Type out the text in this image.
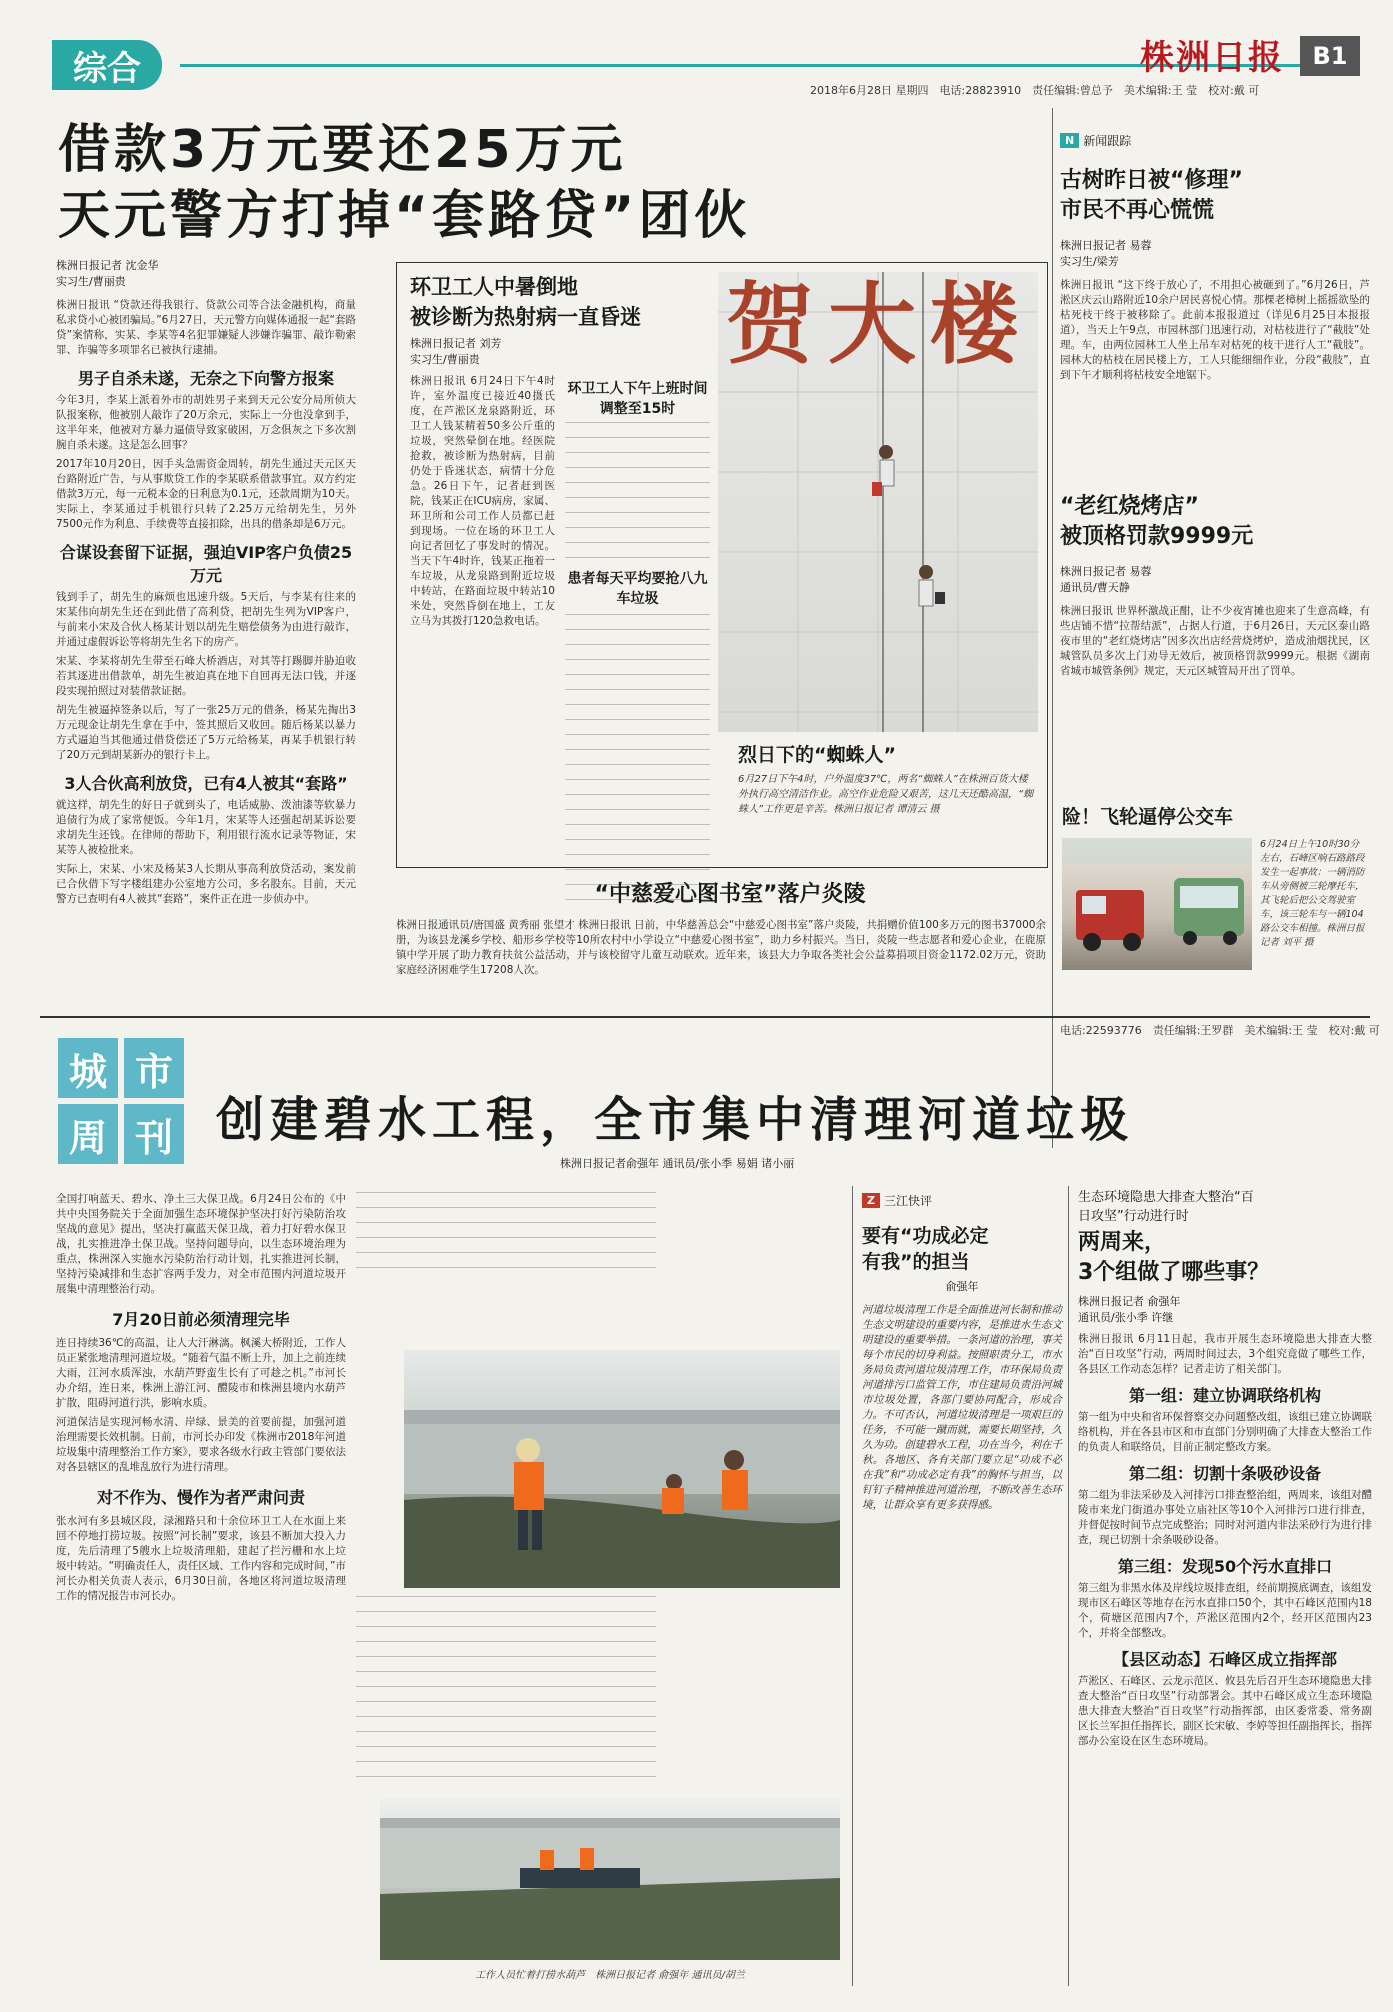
综合	株洲日报	B1
2018年6月28日 星期四　电话:28823910　责任编辑:曾总予　美术编辑:王 莹　校对:戴 可
借款3万元要还25万元
天元警方打掉“套路贷”团伙
株洲日报记者 沈金华
实习生/曹丽贵
株洲日报讯 “贷款还得我银行、贷款公司等合法金融机构，商量私求贷小心被团骗局。”6月27日，天元警方向媒体通报一起“套路贷”案情称，实某、李某等4名犯罪嫌疑人涉嫌诈骗罪、敲诈勒索罪、诈骗等多项罪名已被执行逮捕。
男子自杀未遂，无奈之下向警方报案
今年3月，李某上派着外市的胡姓男子来到天元公安分局所侦大队报案称，他被别人敲诈了20万余元，实际上一分也没拿到手，这半年来，他被对方暴力逼债导致家破困，万念俱灰之下多次割腕自杀未遂。这是怎么回事？
2017年10月20日，因手头急需资金周转，胡先生通过天元区天台路附近广告，与从事欺贷工作的李某联系借款事宜。双方约定借款3万元，每一元税本金的日利息为0.1元，还款周期为10天。实际上，李某通过手机银行只转了2.25万元给胡先生，另外7500元作为利息、手续费等直接扣除，出具的借条却是6万元。
合谋设套留下证据，强迫VIP客户负债25万元
钱到手了，胡先生的麻烦也迅速升级。5天后，与李某有往来的宋某伟向胡先生还在到此借了高利贷，把胡先生列为VIP客户，与前来小宋及合伙人杨某计划以胡先生赔偿债务为由进行敲诈，并通过虚假诉讼等将胡先生名下的房产。
宋某、李某将胡先生带至石峰大桥酒店，对其等打踢脚并胁迫收若其逐进出借款单，胡先生被迫真在地下自回再无法口钱，并逐段实现拍照过对装借款证据。
胡先生被逼掉签条以后，写了一张25万元的借条，杨某先掏出3万元现金让胡先生拿在手中，签其照后又收回。随后杨某以暴力方式逼迫当其他通过借贷偿还了5万元给杨某，再某手机银行转了20万元到胡某新办的银行卡上。
3人合伙高利放贷，已有4人被其“套路”
就这样，胡先生的好日子就到头了，电话威胁、泼油漆等软暴力追债行为成了家常便饭。今年1月，宋某等人还强起胡某诉讼要求胡先生还钱。在律师的帮助下，利用银行流水记录等物证，宋某等人被检批来。
实际上，宋某、小宋及杨某3人长期从事高利放贷活动，案发前已合伙借下写字楼组建办公室地方公司，多名股东。目前，天元警方已查明有4人被其“套路”，案件正在进一步侦办中。
环卫工人中暑倒地
被诊断为热射病一直昏迷
株洲日报记者 刘芳
实习生/曹丽贵
株洲日报讯 6月24日下午4时许，室外温度已接近40摄氏度，在芦淞区龙泉路附近，环卫工人钱某精着50多公斤重的垃圾，突然晕倒在地。经医院抢救，被诊断为热射病，目前仍处于昏迷状态，病情十分危急。26日下午，记者赶到医院，钱某正在ICU病房，家属、环卫所和公司工作人员都已赶到现场。一位在场的环卫工人向记者回忆了事发时的情况。当天下午4时许，钱某正拖着一车垃圾，从龙泉路到附近垃圾中转站，在路面垃圾中转站10米处，突然昏倒在地上，工友立马为其拨打120急救电话。
环卫工人下午上班时间调整至15时
患者每天平均要抢八九车垃圾
贺大楼
烈日下的“蜘蛛人”
6月27日下午4时，户外温度37℃，两名“蜘蛛人”在株洲百货大楼外执行高空清洁作业。高空作业危险又艰苦，这几天还酷高温，“蜘蛛人”工作更是辛苦。株洲日报记者 谭清云 摄
N 新闻跟踪
古树昨日被“修理”
市民不再心慌慌
株洲日报记者 易蓉
实习生/梁芳
株洲日报讯 “这下终于放心了，不用担心被砸到了。”6月26日，芦淞区庆云山路附近10余户居民喜悦心情。那棵老樟树上摇摇欲坠的枯死枝干终于被移除了。此前本报报道过（详见6月25日本报报道），当天上午9点，市园林部门迅速行动，对枯枝进行了“截肢”处理。车，由两位园林工人坐上吊车对枯死的枝干进行人工“截肢”。园林大的枯枝在居民楼上方，工人只能细细作业，分段“截肢”，直到下午才顺利将枯枝安全地锯下。
“老红烧烤店”
被顶格罚款9999元
株洲日报记者 易蓉
通讯员/曹天静
株洲日报讯 世界杯激战正酣，让不少夜宵摊也迎来了生意高峰，有些店铺不惜“拉帮结派”，占据人行道，于6月26日，天元区泰山路夜市里的“老红烧烤店”因多次出店经营烧烤炉，造成油烟扰民，区城管队员多次上门劝导无效后，被顶格罚款9999元。根据《湖南省城市城管条例》规定，天元区城管局开出了罚单。
险！飞轮逼停公交车
6月24日上午10时30分左右，石峰区响石路路段发生一起事故：一辆消防车从旁侧被三轮摩托车，其飞轮后把公交驾驶室车，该三轮车与一辆104路公交车相撞。株洲日报记者 刘平 摄
“中慈爱心图书室”落户炎陵
株洲日报通讯员/唐国盛 黄秀丽 张望才 株洲日报讯 日前，中华慈善总会“中慈爱心图书室”落户炎陵，共捐赠价值100多万元的图书37000余册，为该县龙溪乡学校、船形乡学校等10所农村中小学设立“中慈爱心图书室”，助力乡村振兴。当日，炎陵一些志愿者和爱心企业，在鹿原镇中学开展了助力教育扶贫公益活动，并与该校留守儿童互动联欢。近年来，该县大力争取各类社会公益募捐项目资金1172.02万元，资助家庭经济困难学生17208人次。
电话:22593776　责任编辑:王罗群　美术编辑:王 莹　校对:戴 可
城 市
周 刊 创建碧水工程，全市集中清理河道垃圾
株洲日报记者俞强年 通讯员/张小季 易娟 诸小丽
全国打响蓝天、碧水、净土三大保卫战。6月24日公布的《中共中央国务院关于全面加强生态环境保护坚决打好污染防治攻坚战的意见》提出，坚决打赢蓝天保卫战，着力打好碧水保卫战，扎实推进净土保卫战。坚持问题导向，以生态环境治理为重点，株洲深入实施水污染防治行动计划，扎实推进河长制，坚持污染减排和生态扩容两手发力，对全市范围内河道垃圾开展集中清理整治行动。
7月20日前必须清理完毕
连日持续36℃的高温，让人大汗淋漓。枫溪大桥附近，工作人员正紧张地清理河道垃圾。“随着气温不断上升，加上之前连续大雨，江河水质浑浊，水葫芦野蛮生长有了可趁之机。”市河长办介绍，连日来，株洲上游江河、醴陵市和株洲县境内水葫芦扩散，阻碍河道行洪，影响水质。
河道保洁是实现河畅水清、岸绿、景美的首要前提，加强河道治理需要长效机制。日前，市河长办印发《株洲市2018年河道垃圾集中清理整治工作方案》，要求各级水行政主管部门要依法对各县辖区的乱堆乱放行为进行清理。
对不作为、慢作为者严肃问责
张水河有多县城区段，渌湘路只和十余位环卫工人在水面上来回不停地打捞垃圾。按照“河长制”要求，该县不断加大投入力度，先后清理了5艘水上垃圾清理船，建起了拦污栅和水上垃圾中转站。“明确责任人，责任区域、工作内容和完成时间，”市河长办相关负责人表示，6月30日前，各地区将河道垃圾清理工作的情况报告市河长办。
工作人员忙着打捞水葫芦　株洲日报记者 俞强年 通讯员/胡兰
Z 三江快评
要有“功成必定
有我”的担当
俞强年
河道垃圾清理工作是全面推进河长制和推动生态文明建设的重要内容，是推进水生态文明建设的重要举措。一条河道的治理，事关每个市民的切身利益。按照职责分工，市水务局负责河道垃圾清理工作，市环保局负责河道排污口监管工作，市住建局负责沿河城市垃圾处置，各部门要协同配合，形成合力。不可否认，河道垃圾清理是一项艰巨的任务，不可能一蹴而就，需要长期坚持，久久为功。创建碧水工程，功在当今，利在千秋。各地区、各有关部门要立足“功成不必在我”和“功成必定有我”的胸怀与担当，以钉钉子精神推进河道治理，不断改善生态环境，让群众享有更多获得感。
生态环境隐患大排查大整治“百
日攻坚”行动进行时
两周来，
3个组做了哪些事？
株洲日报记者 俞强年
通讯员/张小季 许继
株洲日报讯 6月11日起，我市开展生态环境隐患大排查大整治“百日攻坚”行动，两周时间过去，3个组究竟做了哪些工作，各县区工作动态怎样？记者走访了相关部门。
第一组：建立协调联络机构
第一组为中央和省环保督察交办问题整改组，该组已建立协调联络机构，并在各县市区和市直部门分别明确了大排查大整治工作的负责人和联络员，目前正制定整改方案。
第二组：切割十条吸砂设备
第二组为非法采砂及入河排污口排查整治组，两周来，该组对醴陵市来龙门街道办事处立庙社区等10个入河排污口进行排查，并督促按时间节点完成整治；同时对河道内非法采砂行为进行排查，现已切割十余条吸砂设备。
第三组：发现50个污水直排口
第三组为非黑水体及岸线垃圾排查组，经前期摸底调查，该组发现市区石峰区等地存在污水直排口50个，其中石峰区范围内18个，荷塘区范围内7个，芦淞区范围内2个，经开区范围内23个，并将全部整改。
【县区动态】石峰区成立指挥部
芦淞区、石峰区、云龙示范区、攸县先后召开生态环境隐患大排查大整治“百日攻坚”行动部署会。其中石峰区成立生态环境隐患大排查大整治“百日攻坚”行动指挥部，由区委常委、常务副区长兰军担任指挥长，副区长宋敏、李婷等担任副指挥长，指挥部办公室设在区生态环境局。
